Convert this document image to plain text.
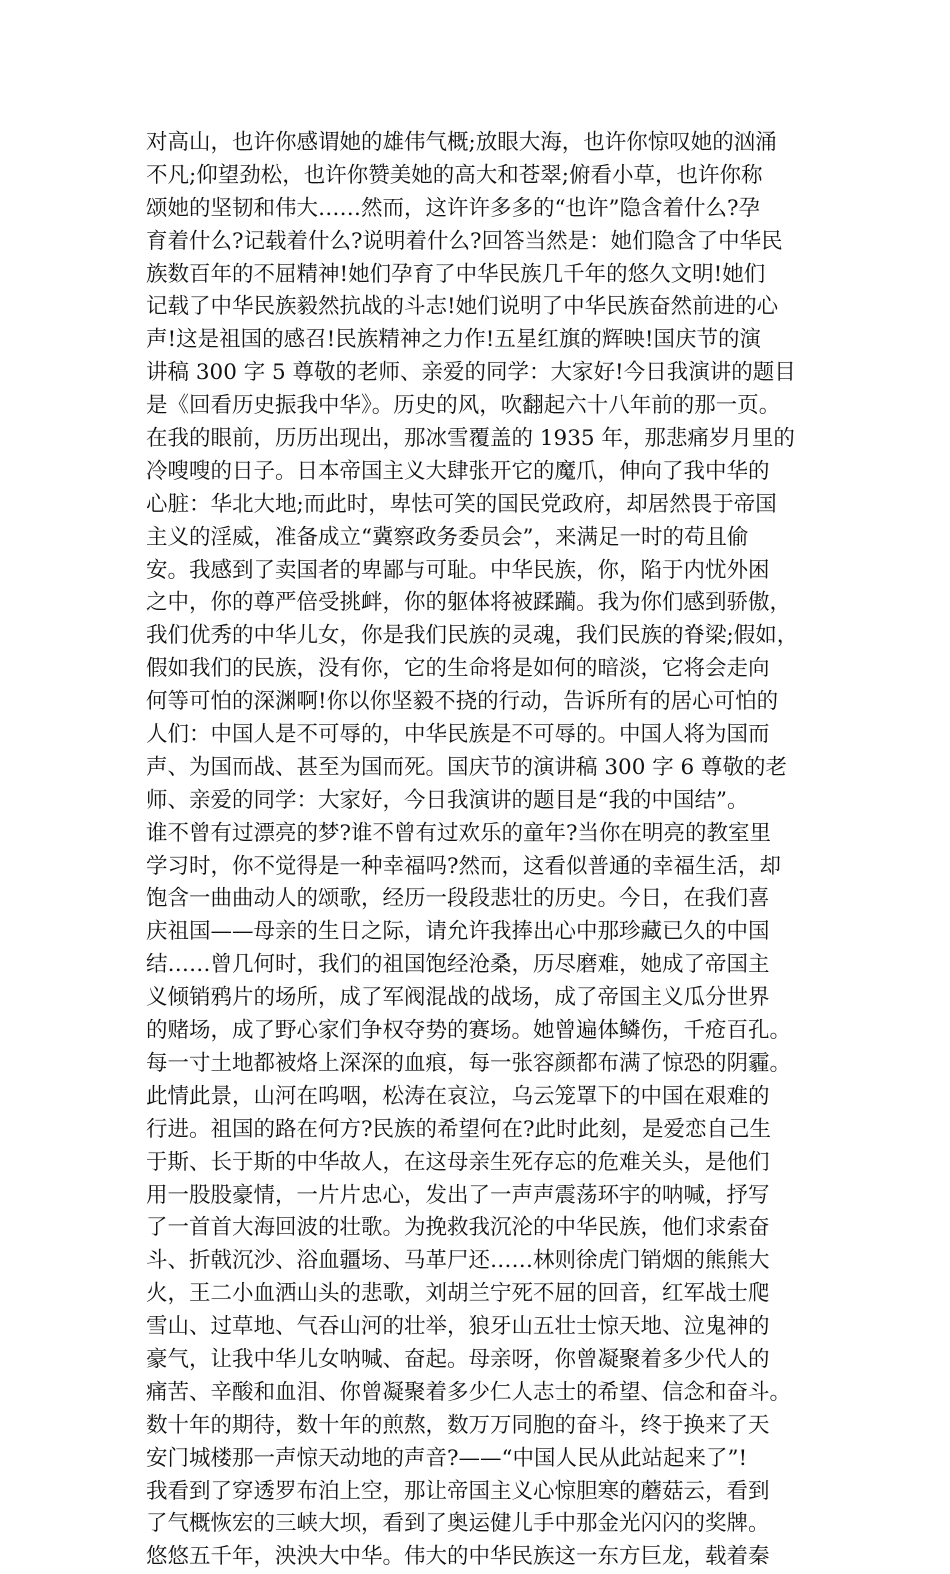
对高山，也许你感谓她的雄伟气概;放眼大海，也许你惊叹她的汹涌
不凡;仰望劲松，也许你赞美她的高大和苍翠;俯看小草，也许你称
颂她的坚韧和伟大……然而，这许许多多的“也许”隐含着什么?孕
育着什么?记载着什么?说明着什么?回答当然是：她们隐含了中华民
族数百年的不屈精神!她们孕育了中华民族几千年的悠久文明!她们
记载了中华民族毅然抗战的斗志!她们说明了中华民族奋然前进的心
声!这是祖国的感召!民族精神之力作!五星红旗的辉映!国庆节的演
讲稿 300 字 5 尊敬的老师、亲爱的同学：大家好!今日我演讲的题目
是《回看历史振我中华》。历史的风，吹翻起六十八年前的那一页。
在我的眼前，历历出现出，那冰雪覆盖的 1935 年，那悲痛岁月里的
冷嗖嗖的日子。日本帝国主义大肆张开它的魔爪，伸向了我中华的
心脏：华北大地;而此时，卑怯可笑的国民党政府，却居然畏于帝国
主义的淫威，准备成立“冀察政务委员会”，来满足一时的苟且偷
安。我感到了卖国者的卑鄙与可耻。中华民族，你，陷于内忧外困
之中，你的尊严倍受挑衅，你的躯体将被蹂躏。我为你们感到骄傲，
我们优秀的中华儿女，你是我们民族的灵魂，我们民族的脊梁;假如，
假如我们的民族，没有你，它的生命将是如何的暗淡，它将会走向
何等可怕的深渊啊!你以你坚毅不挠的行动，告诉所有的居心可怕的
人们：中国人是不可辱的，中华民族是不可辱的。中国人将为国而
声、为国而战、甚至为国而死。国庆节的演讲稿 300 字 6 尊敬的老
师、亲爱的同学：大家好，今日我演讲的题目是“我的中国结”。
谁不曾有过漂亮的梦?谁不曾有过欢乐的童年?当你在明亮的教室里
学习时，你不觉得是一种幸福吗?然而，这看似普通的幸福生活，却
饱含一曲曲动人的颂歌，经历一段段悲壮的历史。今日，在我们喜
庆祖国——母亲的生日之际，请允许我捧出心中那珍藏已久的中国
结……曾几何时，我们的祖国饱经沧桑，历尽磨难，她成了帝国主
义倾销鸦片的场所，成了军阀混战的战场，成了帝国主义瓜分世界
的赌场，成了野心家们争权夺势的赛场。她曾遍体鳞伤，千疮百孔。
每一寸土地都被烙上深深的血痕，每一张容颜都布满了惊恐的阴霾。
此情此景，山河在呜咽，松涛在哀泣，乌云笼罩下的中国在艰难的
行进。祖国的路在何方?民族的希望何在?此时此刻，是爱恋自己生
于斯、长于斯的中华故人，在这母亲生死存忘的危难关头，是他们
用一股股豪情，一片片忠心，发出了一声声震荡环宇的呐喊，抒写
了一首首大海回波的壮歌。为挽救我沉沦的中华民族，他们求索奋
斗、折戟沉沙、浴血疆场、马革尸还……林则徐虎门销烟的熊熊大
火，王二小血洒山头的悲歌，刘胡兰宁死不屈的回音，红军战士爬
雪山、过草地、气吞山河的壮举，狼牙山五壮士惊天地、泣鬼神的
豪气，让我中华儿女呐喊、奋起。母亲呀，你曾凝聚着多少代人的
痛苦、辛酸和血泪、你曾凝聚着多少仁人志士的希望、信念和奋斗。
数十年的期待，数十年的煎熬，数万万同胞的奋斗，终于换来了天
安门城楼那一声惊天动地的声音?——“中国人民从此站起来了”!
我看到了穿透罗布泊上空，那让帝国主义心惊胆寒的蘑菇云，看到
了气概恢宏的三峡大坝，看到了奥运健儿手中那金光闪闪的奖牌。
悠悠五千年，泱泱大中华。伟大的中华民族这一东方巨龙，载着秦
